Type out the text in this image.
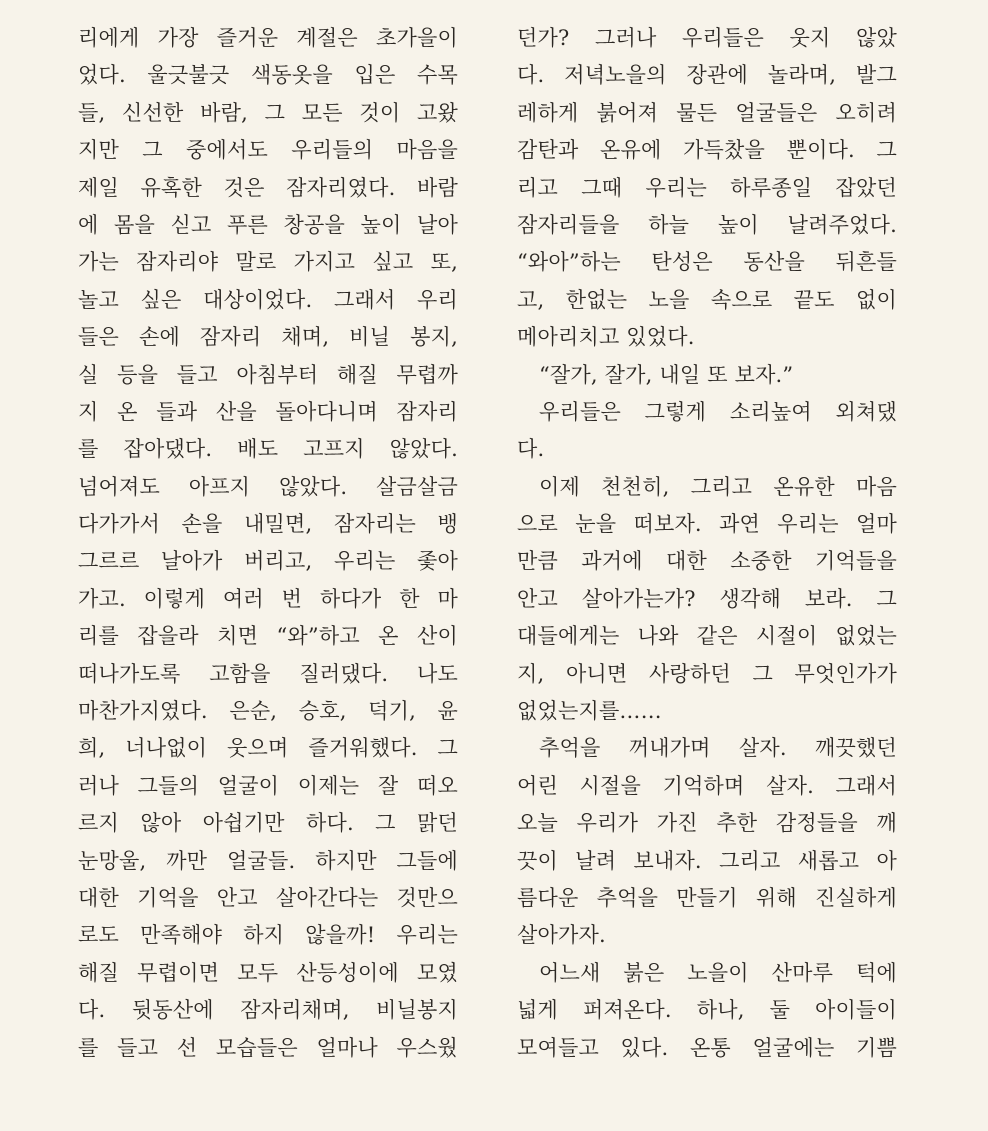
리에게 가장 즐거운 계절은 초가을이
었다. 울긋불긋 색동옷을 입은 수목
들, 신선한 바람, 그 모든 것이 고왔
지만 그 중에서도 우리들의 마음을
제일 유혹한 것은 잠자리였다. 바람
에 몸을 싣고 푸른 창공을 높이 날아
가는 잠자리야 말로 가지고 싶고 또,
놀고 싶은 대상이었다. 그래서 우리
들은 손에 잠자리 채며, 비닐 봉지,
실 등을 들고 아침부터 해질 무렵까
지 온 들과 산을 돌아다니며 잠자리
를 잡아댔다. 배도 고프지 않았다.
넘어져도 아프지 않았다. 살금살금
다가가서 손을 내밀면, 잠자리는 뱅
그르르 날아가 버리고, 우리는 좇아
가고. 이렇게 여러 번 하다가 한 마
리를 잡을라 치면 “와”하고 온 산이
떠나가도록 고함을 질러댔다. 나도
마찬가지였다. 은순, 승호, 덕기, 윤
희, 너나없이 웃으며 즐거워했다. 그
러나 그들의 얼굴이 이제는 잘 떠오
르지 않아 아쉽기만 하다. 그 맑던
눈망울, 까만 얼굴들. 하지만 그들에
대한 기억을 안고 살아간다는 것만으
로도 만족해야 하지 않을까! 우리는
해질 무렵이면 모두 산등성이에 모였
다. 뒷동산에 잠자리채며, 비닐봉지
를 들고 선 모습들은 얼마나 우스웠
던가? 그러나 우리들은 웃지 않았
다. 저녁노을의 장관에 놀라며, 발그
레하게 붉어져 물든 얼굴들은 오히려
감탄과 온유에 가득찼을 뿐이다. 그
리고 그때 우리는 하루종일 잡았던
잠자리들을 하늘 높이 날려주었다.
“와아”하는 탄성은 동산을 뒤흔들
고, 한없는 노을 속으로 끝도 없이
메아리치고 있었다.
“잘가, 잘가, 내일 또 보자.”
우리들은 그렇게 소리높여 외쳐댔
다.
이제 천천히, 그리고 온유한 마음
으로 눈을 떠보자. 과연 우리는 얼마
만큼 과거에 대한 소중한 기억들을
안고 살아가는가? 생각해 보라. 그
대들에게는 나와 같은 시절이 없었는
지, 아니면 사랑하던 그 무엇인가가
없었는지를……
추억을 꺼내가며 살자. 깨끗했던
어린 시절을 기억하며 살자. 그래서
오늘 우리가 가진 추한 감정들을 깨
끗이 날려 보내자. 그리고 새롭고 아
름다운 추억을 만들기 위해 진실하게
살아가자.
어느새 붉은 노을이 산마루 턱에
넓게 퍼져온다. 하나, 둘 아이들이
모여들고 있다. 온통 얼굴에는 기쁨
